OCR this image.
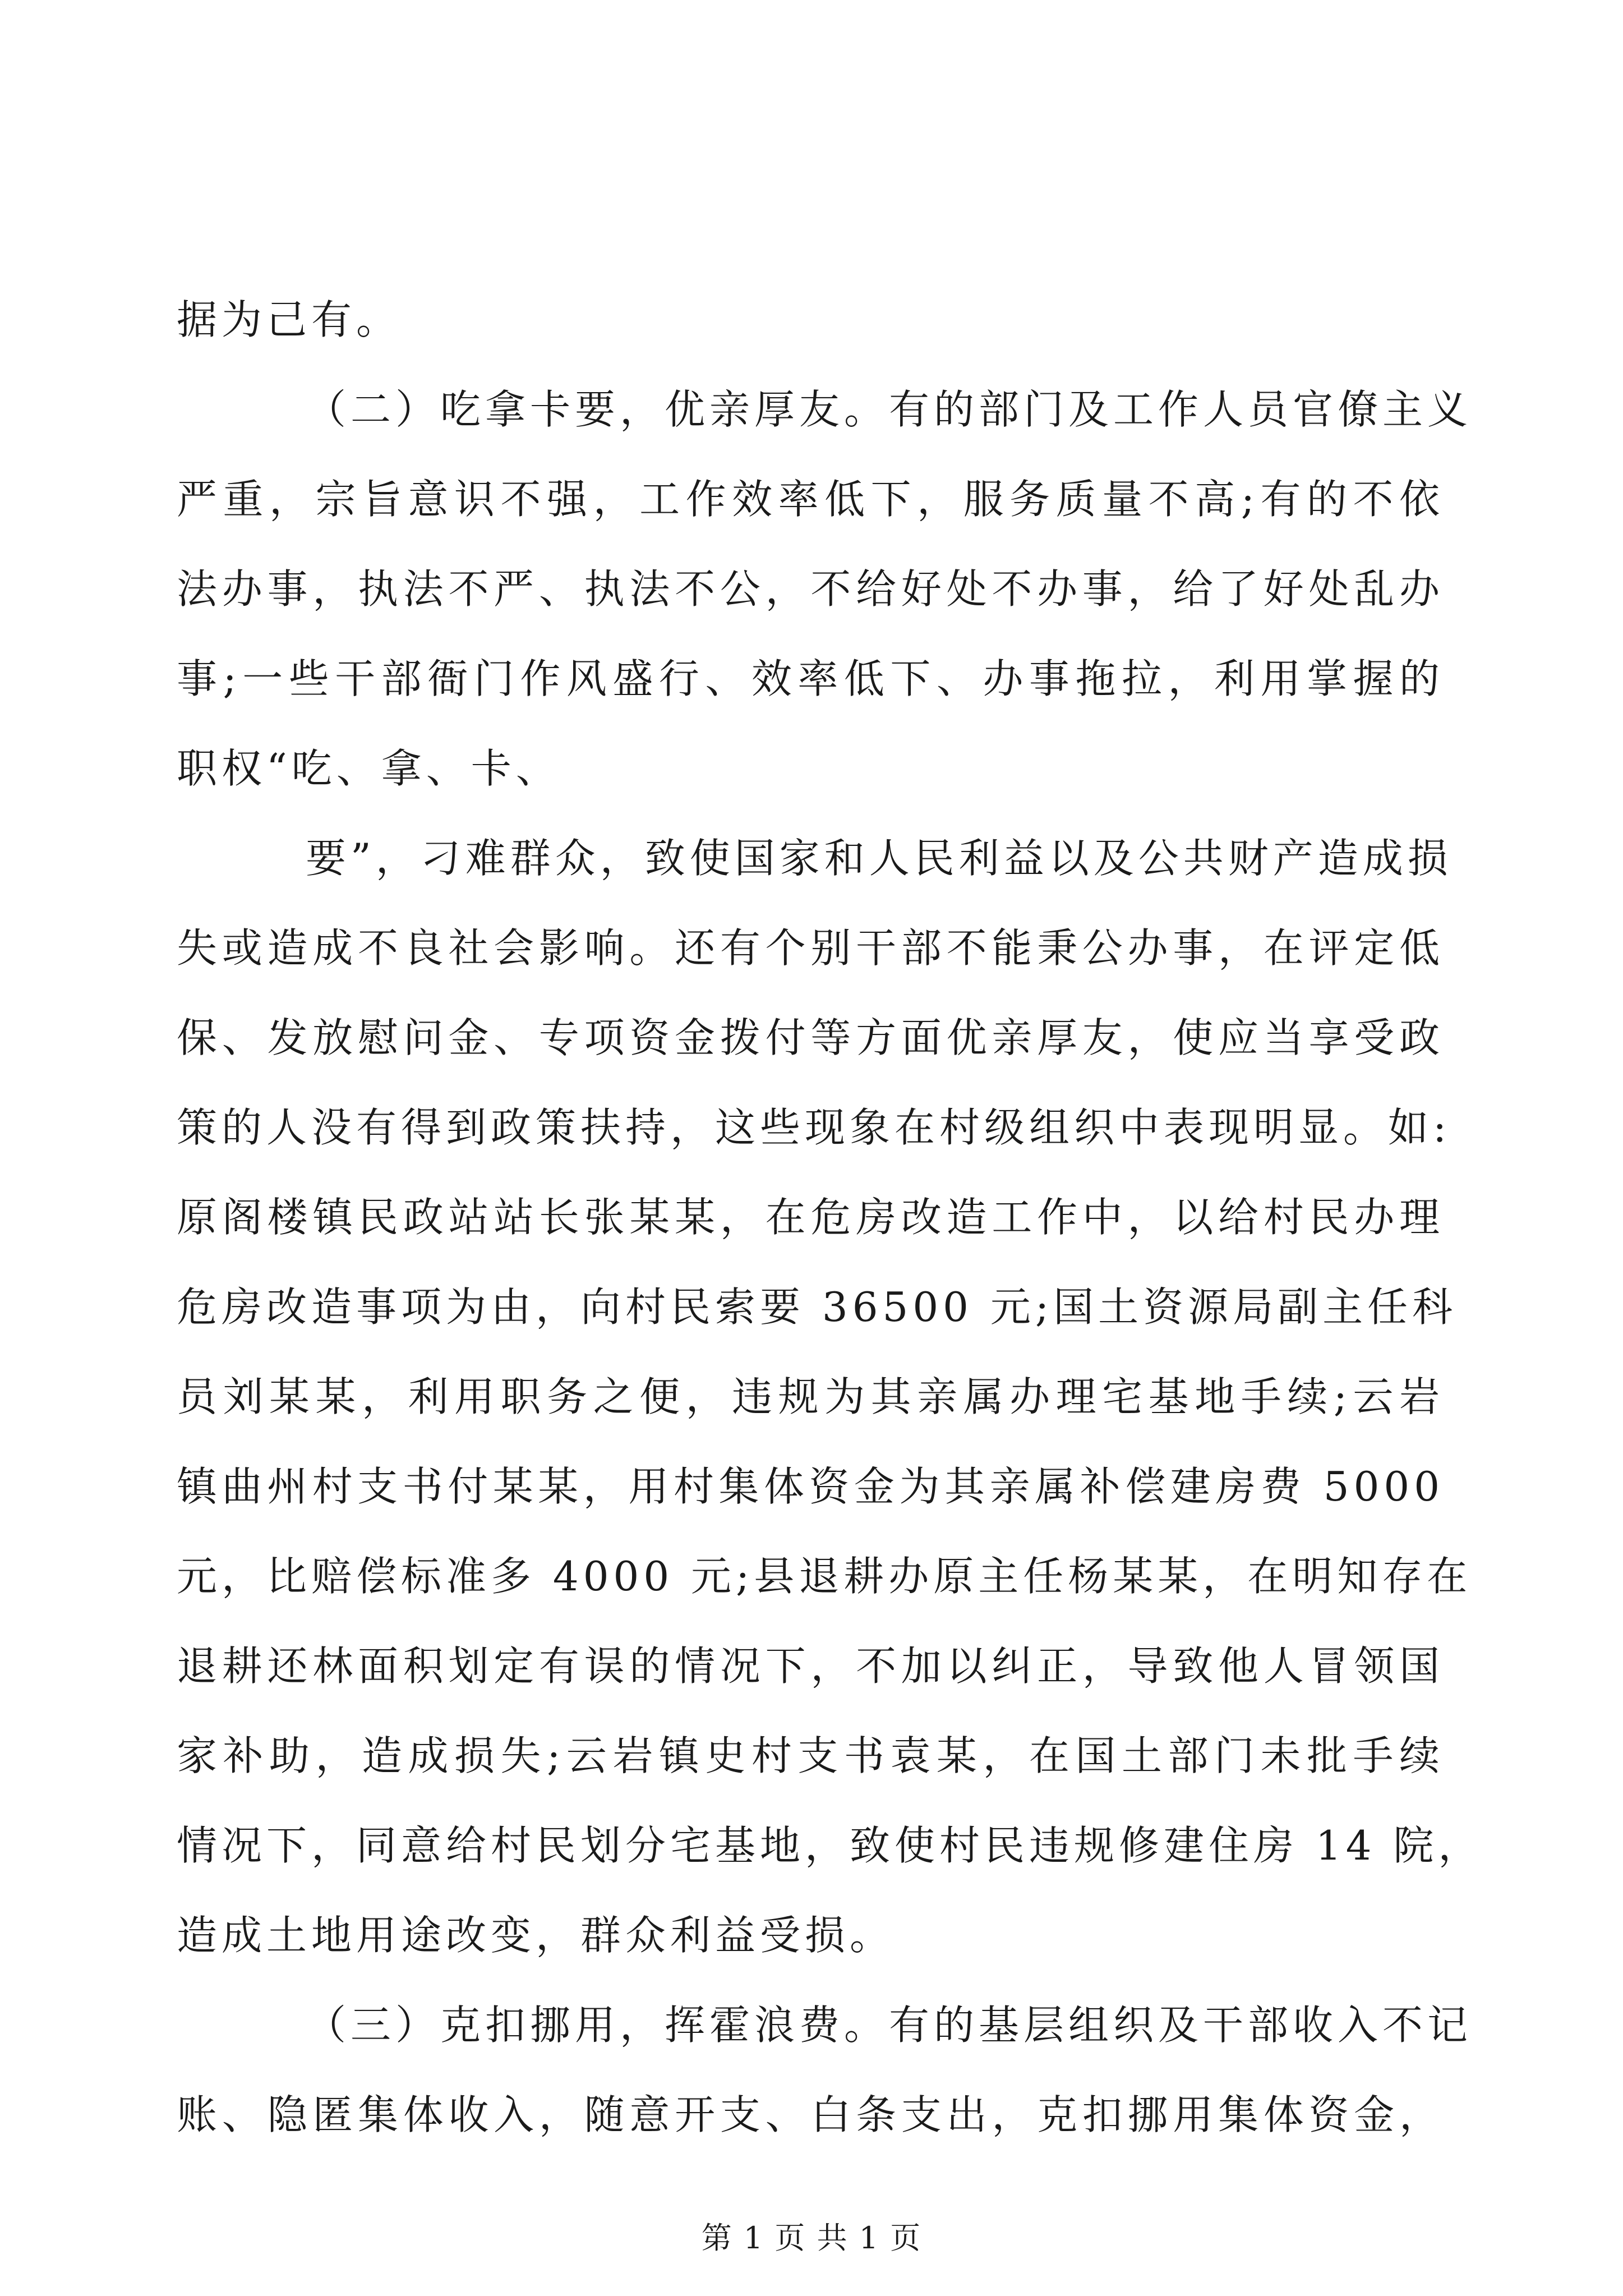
据为己有。
（二）吃拿卡要，优亲厚友。有的部门及工作人员官僚主义
严重，宗旨意识不强，工作效率低下，服务质量不高;有的不依
法办事，执法不严、执法不公，不给好处不办事，给了好处乱办
事;一些干部衙门作风盛行、效率低下、办事拖拉，利用掌握的
职权“吃、拿、卡、
要”，刁难群众，致使国家和人民利益以及公共财产造成损
失或造成不良社会影响。还有个别干部不能秉公办事，在评定低
保、发放慰问金、专项资金拨付等方面优亲厚友，使应当享受政
策的人没有得到政策扶持，这些现象在村级组织中表现明显。如:
原阁楼镇民政站站长张某某，在危房改造工作中，以给村民办理
危房改造事项为由，向村民索要 36500 元;国土资源局副主任科
员刘某某，利用职务之便，违规为其亲属办理宅基地手续;云岩
镇曲州村支书付某某，用村集体资金为其亲属补偿建房费 5000
元，比赔偿标准多 4000 元;县退耕办原主任杨某某，在明知存在
退耕还林面积划定有误的情况下，不加以纠正，导致他人冒领国
家补助，造成损失;云岩镇史村支书袁某，在国土部门未批手续
情况下，同意给村民划分宅基地，致使村民违规修建住房 14 院，
造成土地用途改变，群众利益受损。
（三）克扣挪用，挥霍浪费。有的基层组织及干部收入不记
账、隐匿集体收入，随意开支、白条支出，克扣挪用集体资金，
第 1 页 共 1 页
